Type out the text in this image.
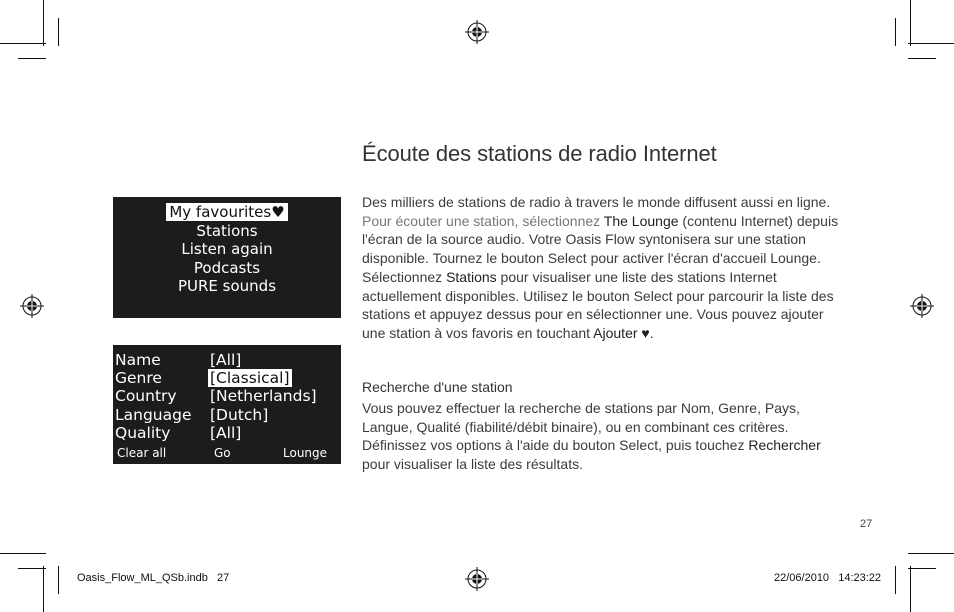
My favourites♥
Stations
Listen again
Podcasts
PURE sounds
Name	[All]
Genre	[Classical]
Country [Netherlands]
Language [Dutch]
Quality	[All]
Clear all	Go	Lounge
Écoute des stations de radio Internet

Des milliers de stations de radio à travers le monde diffusent aussi en ligne. Pour écouter une station, sélectionnez The Lounge (contenu Internet) depuis l'écran de la source audio. Votre Oasis Flow syntonisera sur une station disponible. Tournez le bouton Select pour activer l'écran d'accueil Lounge. Sélectionnez Stations pour visualiser une liste des stations Internet actuellement disponibles. Utilisez le bouton Select pour parcourir la liste des stations et appuyez dessus pour en sélectionner une. Vous pouvez ajouter une station à vos favoris en touchant Ajouter ♥.

Recherche d'une station

Vous pouvez effectuer la recherche de stations par Nom, Genre, Pays, Langue, Qualité (fiabilité/débit binaire), ou en combinant ces critères. Définissez vos options à l'aide du bouton Select, puis touchez Rechercher pour visualiser la liste des résultats.

27
Oasis_Flow_ML_QSb.indb   27	22/06/2010   14:23:22
